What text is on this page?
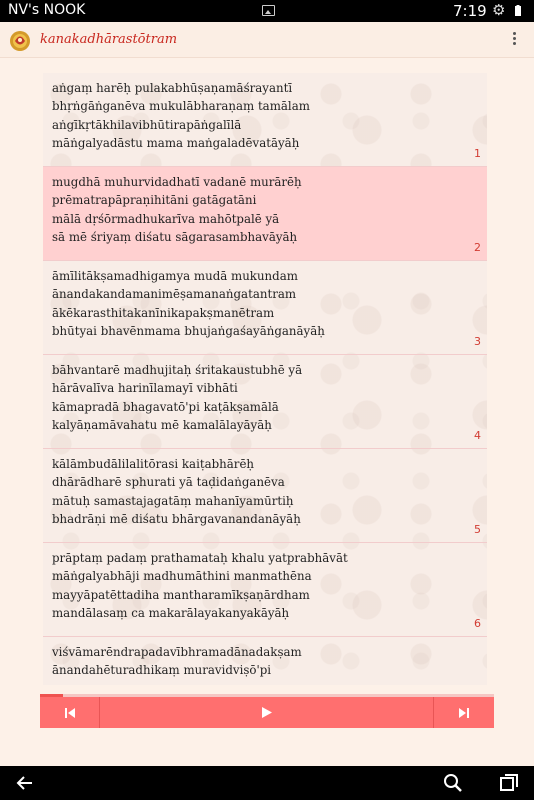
NV's NOOK	7:19 ⚙
kanakadhārastōtram
aṅgaṃ harēḥ pulakabhūṣaṇamāśrayantī
bhṛṅgāṅganēva mukulābharaṇaṃ tamālam
aṅgīkṛtākhilavibhūtirapāṅgalīlā
māṅgalyadāstu mama maṅgaladēvatāyāḥ
1
mugdhā muhurvidadhatī vadanē murārēḥ
prēmatrapāpraṇihitāni gatāgatāni
mālā dṛśōrmadhukarīva mahōtpalē yā
sā mē śriyaṃ diśatu sāgarasambhavāyāḥ
2
āmīlitākṣamadhigamya mudā mukundam
ānandakandamanimēṣamanaṅgatantram
ākēkarasthitakanīnikapakṣmanētram
bhūtyai bhavēnmama bhujaṅgaśayāṅganāyāḥ
3
bāhvantarē madhujitaḥ śritakaustubhē yā
hārāvalīva harinīlamayī vibhāti
kāmapradā bhagavatō'pi kaṭākṣamālā
kalyāṇamāvahatu mē kamalālayāyāḥ
4
kālāmbudālilalitōrasi kaiṭabhārēḥ
dhārādharē sphurati yā taḍidaṅganēva
mātuḥ samastajagatāṃ mahanīyamūrtiḥ
bhadrāṇi mē diśatu bhārgavanandanāyāḥ
5
prāptaṃ padaṃ prathamataḥ khalu yatprabhāvāt
māṅgalyabhāji madhumāthini manmathēna
mayyāpatēttadiha mantharamīkṣaṇārdham
mandālasaṃ ca makarālayakanyakāyāḥ
6
viśvāmarēndrapadavībhramadānadakṣam
ānandahēturadhikaṃ muravidviṣō'pi
